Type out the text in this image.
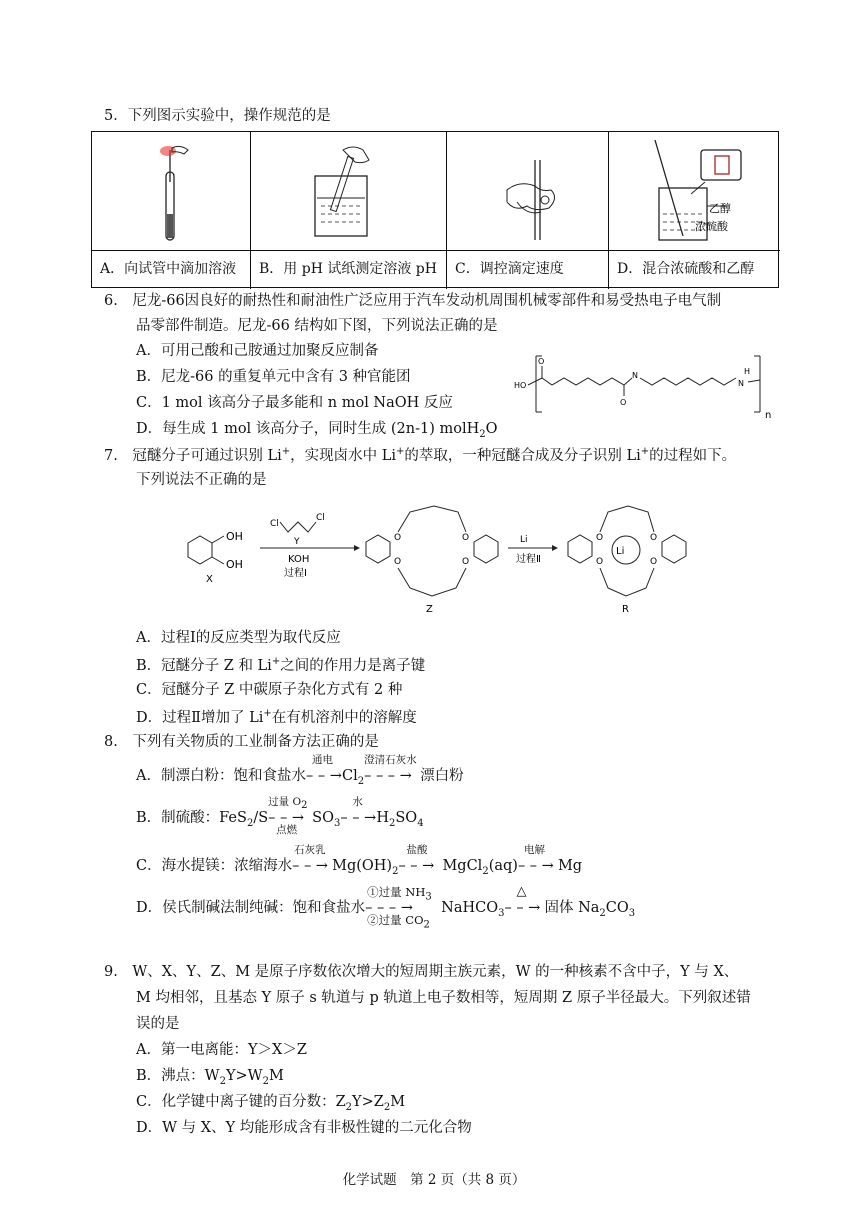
5．下列图示实验中，操作规范的是
A．向试管中滴加溶液 B．用 pH 试纸测定溶液 pH C．调控滴定速度
乙醇
浓硫酸
D．混合浓硫酸和乙醇
6.　尼龙-66因良好的耐热性和耐油性广泛应用于汽车发动机周围机械零部件和易受热电子电气制
品零部件制造。尼龙-66 结构如下图，下列说法正确的是
A．可用己酸和己胺通过加聚反应制备
B．尼龙-66 的重复单元中含有 3 种官能团
C．1 mol 该高分子最多能和 n mol NaOH 反应
D．每生成 1 mol 该高分子，同时生成 (2n-1) molH$_2$O
HO
O
O
N
N
H
n
7.　冠醚分子可通过识别 Li+，实现卤水中 Li+的萃取，一种冠醚合成及分子识别 Li+的过程如下。
下列说法不正确的是
OH
OH
X
Cl
Cl
Y
KOH
过程Ⅰ
O
O
O
O
Z
Li
过程Ⅱ
O
O
O
O
Li
R
A．过程Ⅰ的反应类型为取代反应
B．冠醚分子 Z 和 Li+之间的作用力是离子键
C．冠醚分子 Z 中碳原子杂化方式有 2 种
D．过程Ⅱ增加了 Li+在有机溶剂中的溶解度
8.　下列有关物质的工业制备方法正确的是
A．制漂白粉：饱和食盐水
通电
– – $\to Cl_2$
澄清石灰水
– – – → 漂白粉
B．制硫酸：FeS$_2$/S
过量 $O_2$
– – →
点燃
$SO_3$
水
– – $\to H_2SO_4$
C．海水提镁：浓缩海水
石灰乳
– – → $Mg(OH)_2$
盐酸
– – → MgCl$_2$(aq)
电解
– – → Mg
D．侯氏制碱法制纯碱：饱和食盐水
①过量 $NH_3$
– – – →
②过量 $CO_2$
NaHCO$_3$
△
– – → 固体 $Na_2CO_3$
9.　W、X、Y、Z、M 是原子序数依次增大的短周期主族元素，W 的一种核素不含中子，Y 与 X、
M 均相邻，且基态 Y 原子 s 轨道与 p 轨道上电子数相等，短周期 Z 原子半径最大。下列叙述错
误的是
A．第一电离能：Y＞X＞Z
B．沸点：$W_2Y>W_2M$
C．化学键中离子键的百分数：$Z_2Y>Z_2M$
D．W 与 X、Y 均能形成含有非极性键的二元化合物
化学试题　第 2 页（共 8 页）
